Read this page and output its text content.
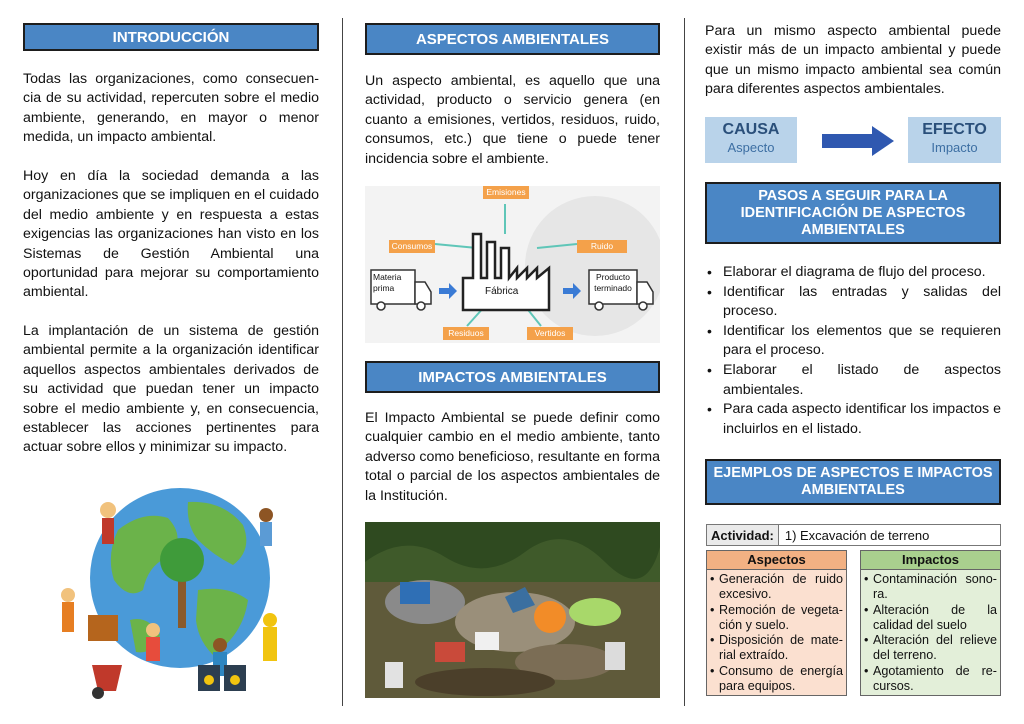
INTRODUCCIÓN
Todas las organizaciones, como consecuen-cia de su actividad, repercuten sobre el medio ambiente, generando, en mayor o menor medida, un impacto ambiental.
Hoy en día la sociedad demanda a las organizaciones que se impliquen en el cuidado del medio ambiente y en respuesta a estas exigencias las organizaciones han visto en los Sistemas de Gestión Ambiental una oportunidad para mejorar su comportamiento ambiental.
La implantación de un sistema de gestión ambiental permite a la organización identificar aquellos aspectos ambientales derivados de su actividad que puedan tener un impacto sobre el medio ambiente y, en consecuencia, establecer las acciones pertinentes para actuar sobre ellos y minimizar su impacto.
ASPECTOS AMBIENTALES
Un aspecto ambiental, es aquello que una actividad, producto o servicio genera (en cuanto a emisiones, vertidos, residuos, ruido, consumos, etc.) que tiene o puede tener incidencia sobre el ambiente.
Emisiones
Consumos	Ruido
Residuos	Vertidos
Materia prima	Fábrica
Producto terminado
IMPACTOS AMBIENTALES
El Impacto Ambiental se puede definir como cualquier cambio en el medio ambiente, tanto adverso como beneficioso, resultante en forma total o parcial de los aspectos ambientales de la Institución.
Para un mismo aspecto ambiental puede existir más de un impacto ambiental y puede que un mismo impacto ambiental sea común para diferentes aspectos ambientales.
CAUSA
Aspecto
EFECTO
Impacto
PASOS A SEGUIR PARA LA IDENTIFICACIÓN DE ASPECTOS AMBIENTALES
• Elaborar el diagrama de flujo del proceso.
• Identificar las entradas y salidas del proceso.
• Identificar los elementos que se requieren para el proceso.
• Elaborar el listado de aspectos ambientales.
• Para cada aspecto identificar los impactos e incluirlos en el listado.
EJEMPLOS DE ASPECTOS E IMPACTOS AMBIENTALES
Actividad: 1) Excavación de terreno
Aspectos
• Generación de ruido excesivo.
• Remoción de vegeta-ción y suelo.
• Disposición de mate-rial extraído.
• Consumo de energía para equipos.
Impactos
• Contaminación sono-ra.
• Alteración de la calidad del suelo
• Alteración del relieve del terreno.
• Agotamiento de re-cursos.
